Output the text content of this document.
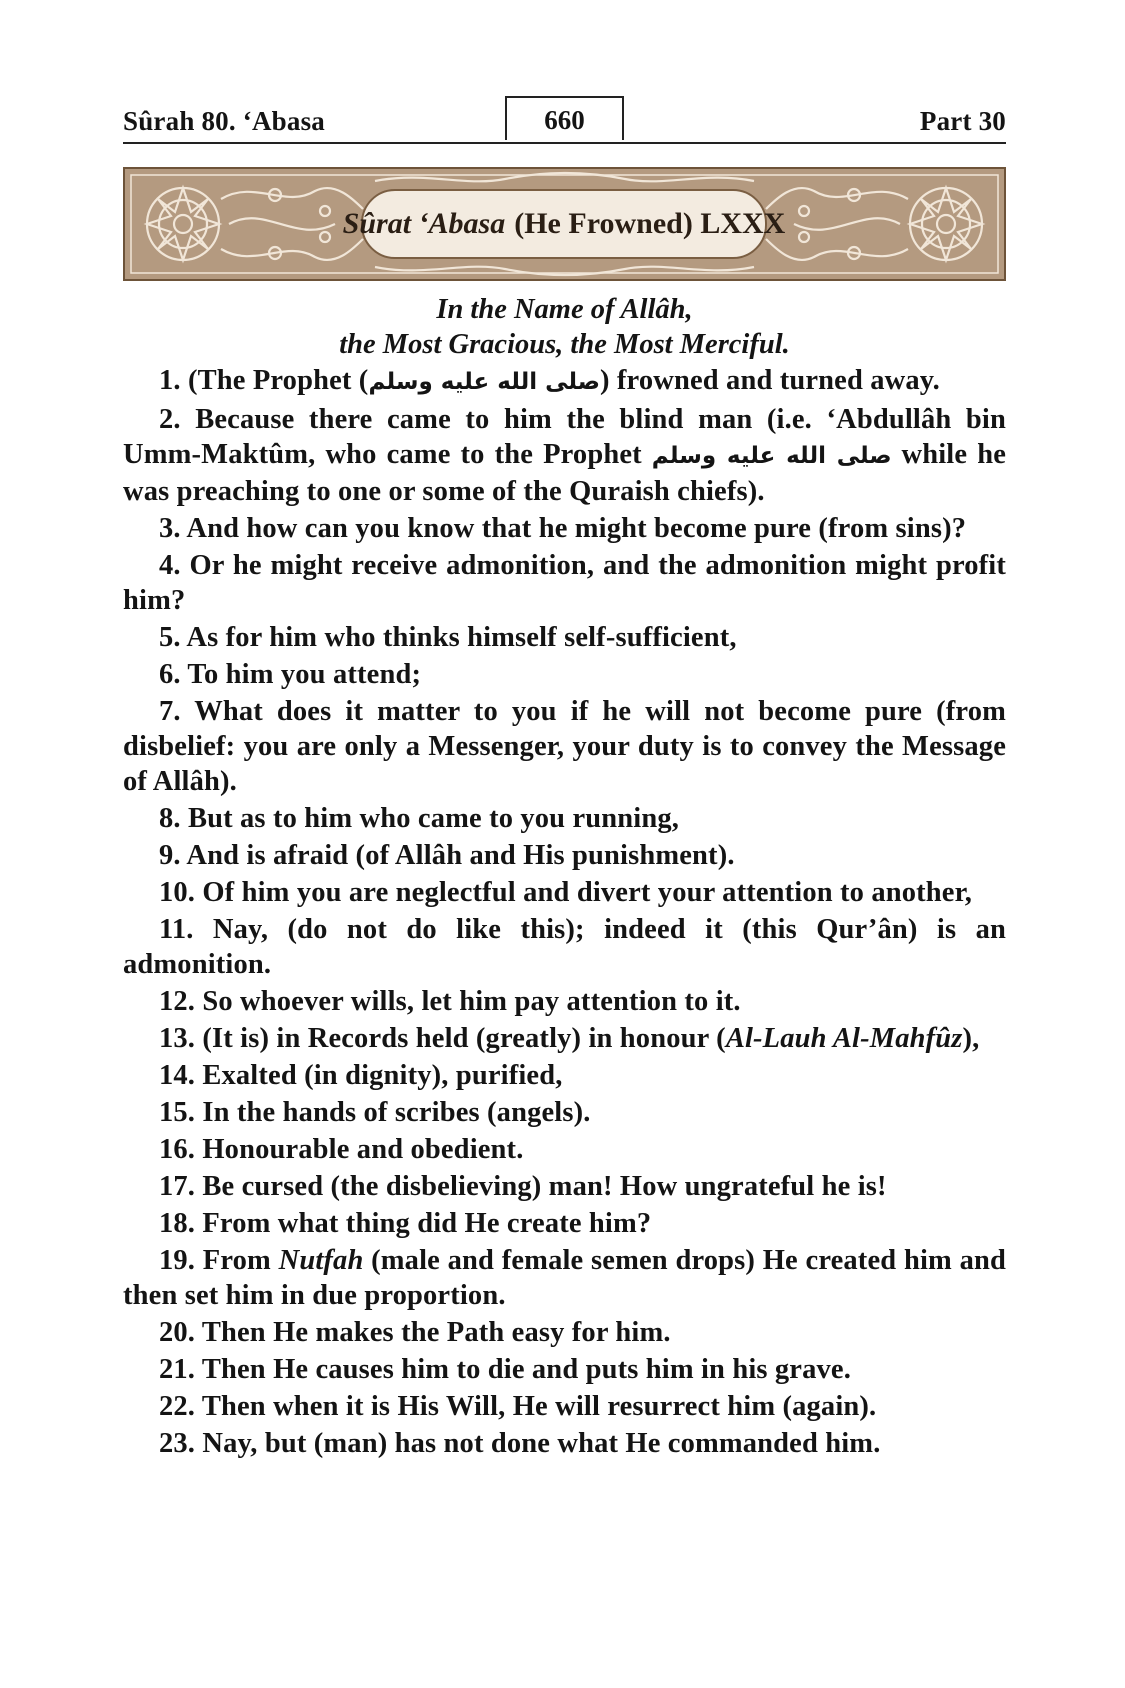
Sûrah 80. ‘Abasa	660	Part 30
Sûrat ‘Abasa (He Frowned) LXXX
In the Name of Allâh,
the Most Gracious, the Most Merciful.

1. (The Prophet (صلى الله عليه وسلم) frowned and turned away.

2. Because there came to him the blind man (i.e. ‘Abdullâh bin Umm-Maktûm, who came to the Prophet صلى الله عليه وسلم while he was preaching to one or some of the Quraish chiefs).

3. And how can you know that he might become pure (from sins)?

4. Or he might receive admonition, and the admonition might profit him?

5. As for him who thinks himself self-sufficient,

6. To him you attend;

7. What does it matter to you if he will not become pure (from disbelief: you are only a Messenger, your duty is to convey the Message of Allâh).

8. But as to him who came to you running,

9. And is afraid (of Allâh and His punishment).

10. Of him you are neglectful and divert your attention to another,

11. Nay, (do not do like this); indeed it (this Qur’ân) is an admonition.

12. So whoever wills, let him pay attention to it.

13. (It is) in Records held (greatly) in honour (Al-Lauh Al-Mahfûz),

14. Exalted (in dignity), purified,

15. In the hands of scribes (angels).

16. Honourable and obedient.

17. Be cursed (the disbelieving) man! How ungrateful he is!

18. From what thing did He create him?

19. From Nutfah (male and female semen drops) He created him and then set him in due proportion.

20. Then He makes the Path easy for him.

21. Then He causes him to die and puts him in his grave.

22. Then when it is His Will, He will resurrect him (again).

23. Nay, but (man) has not done what He commanded him.
